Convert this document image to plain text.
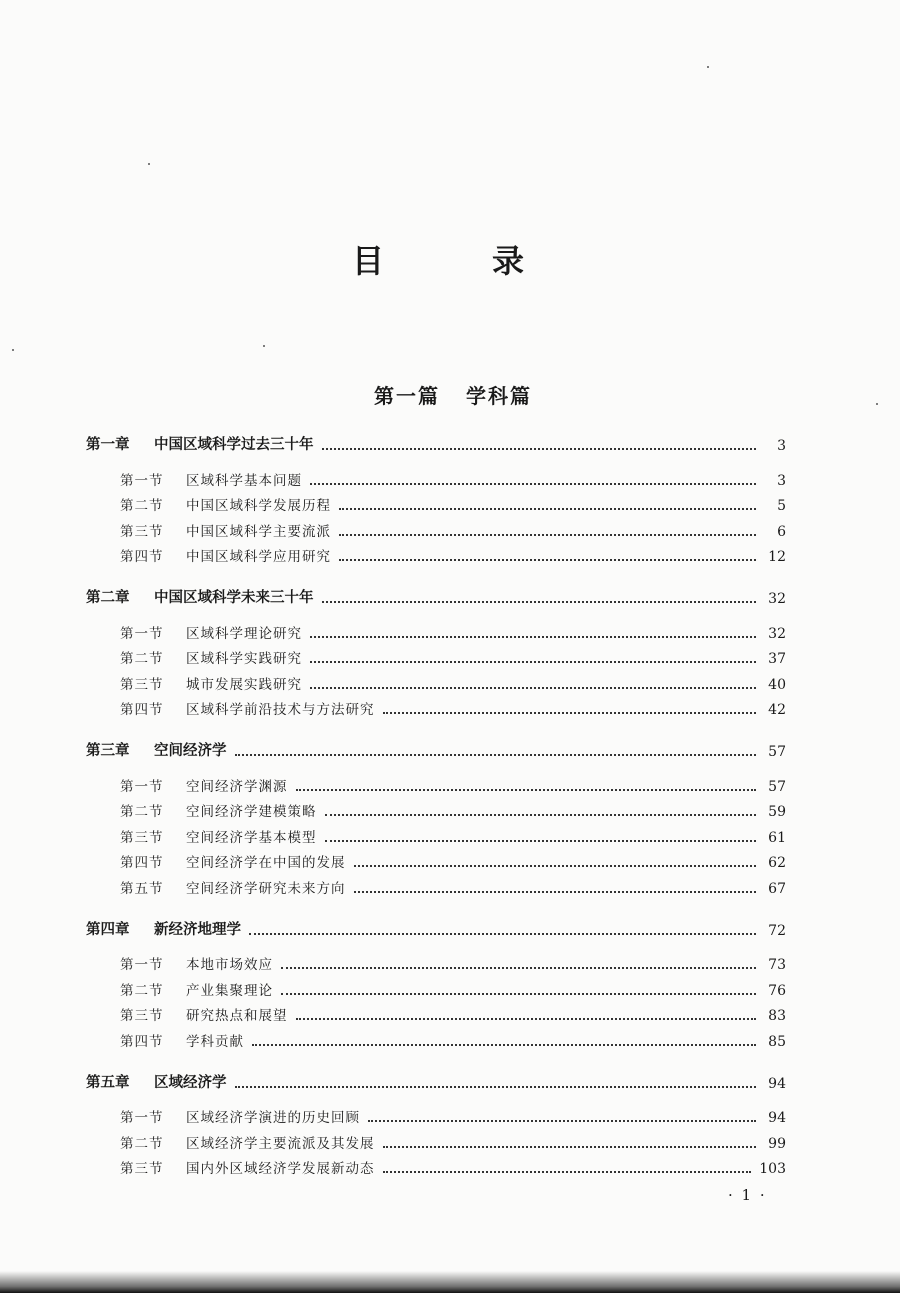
目　录
第一篇 学科篇
第一章	中国区域科学过去三十年	3
第一节	区域科学基本问题	3
第二节	中国区域科学发展历程	5
第三节	中国区域科学主要流派	6
第四节	中国区域科学应用研究	12
第二章	中国区域科学未来三十年	32
第一节	区域科学理论研究	32
第二节	区域科学实践研究	37
第三节	城市发展实践研究	40
第四节	区域科学前沿技术与方法研究	42
第三章	空间经济学	57
第一节	空间经济学渊源	57
第二节	空间经济学建模策略	59
第三节	空间经济学基本模型	61
第四节	空间经济学在中国的发展	62
第五节	空间经济学研究未来方向	67
第四章	新经济地理学	72
第一节	本地市场效应	73
第二节	产业集聚理论	76
第三节	研究热点和展望	83
第四节	学科贡献	85
第五章	区域经济学	94
第一节	区域经济学演进的历史回顾	94
第二节	区域经济学主要流派及其发展	99
第三节	国内外区域经济学发展新动态	103
· 1 ·
